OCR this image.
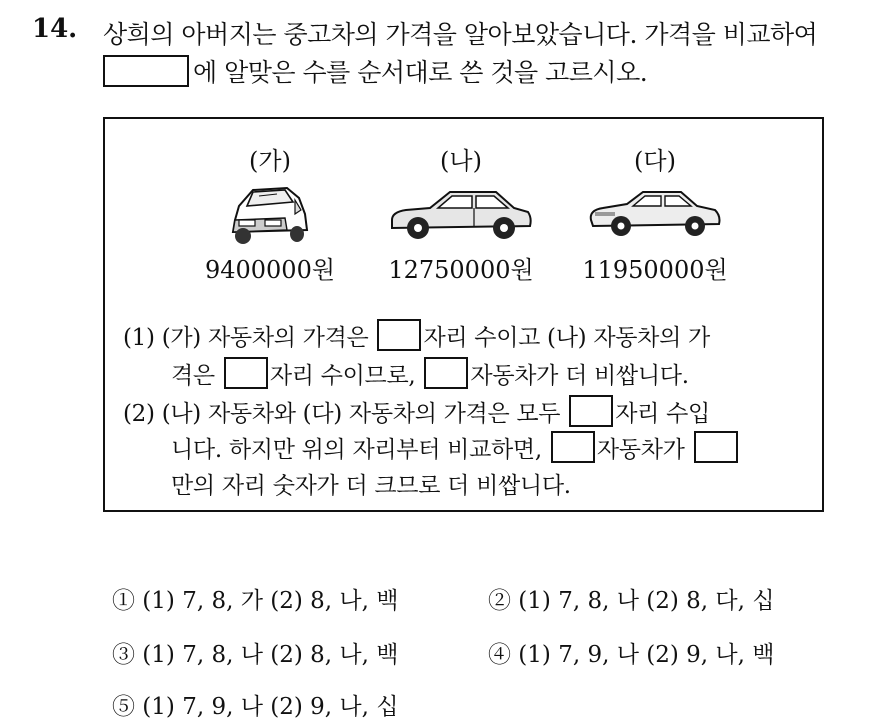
14. 상희의 아버지는 중고차의 가격을 알아보았습니다. 가격을 비교하여
에 알맞은 수를 순서대로 쓴 것을 고르시오.
(가)
9400000원
(나)
12750000원
(다)
11950000원
(1) (가) 자동차의 가격은 자리 수이고 (나) 자동차의 가
격은 자리 수이므로, 자동차가 더 비쌉니다.
(2) (나) 자동차와 (다) 자동차의 가격은 모두 자리 수입
니다. 하지만 위의 자리부터 비교하면, 자동차가
만의 자리 숫자가 더 크므로 더 비쌉니다.
① (1) 7, 8, 가 (2) 8, 나, 백	② (1) 7, 8, 나 (2) 8, 다, 십
③ (1) 7, 8, 나 (2) 8, 나, 백	④ (1) 7, 9, 나 (2) 9, 나, 백
⑤ (1) 7, 9, 나 (2) 9, 나, 십
